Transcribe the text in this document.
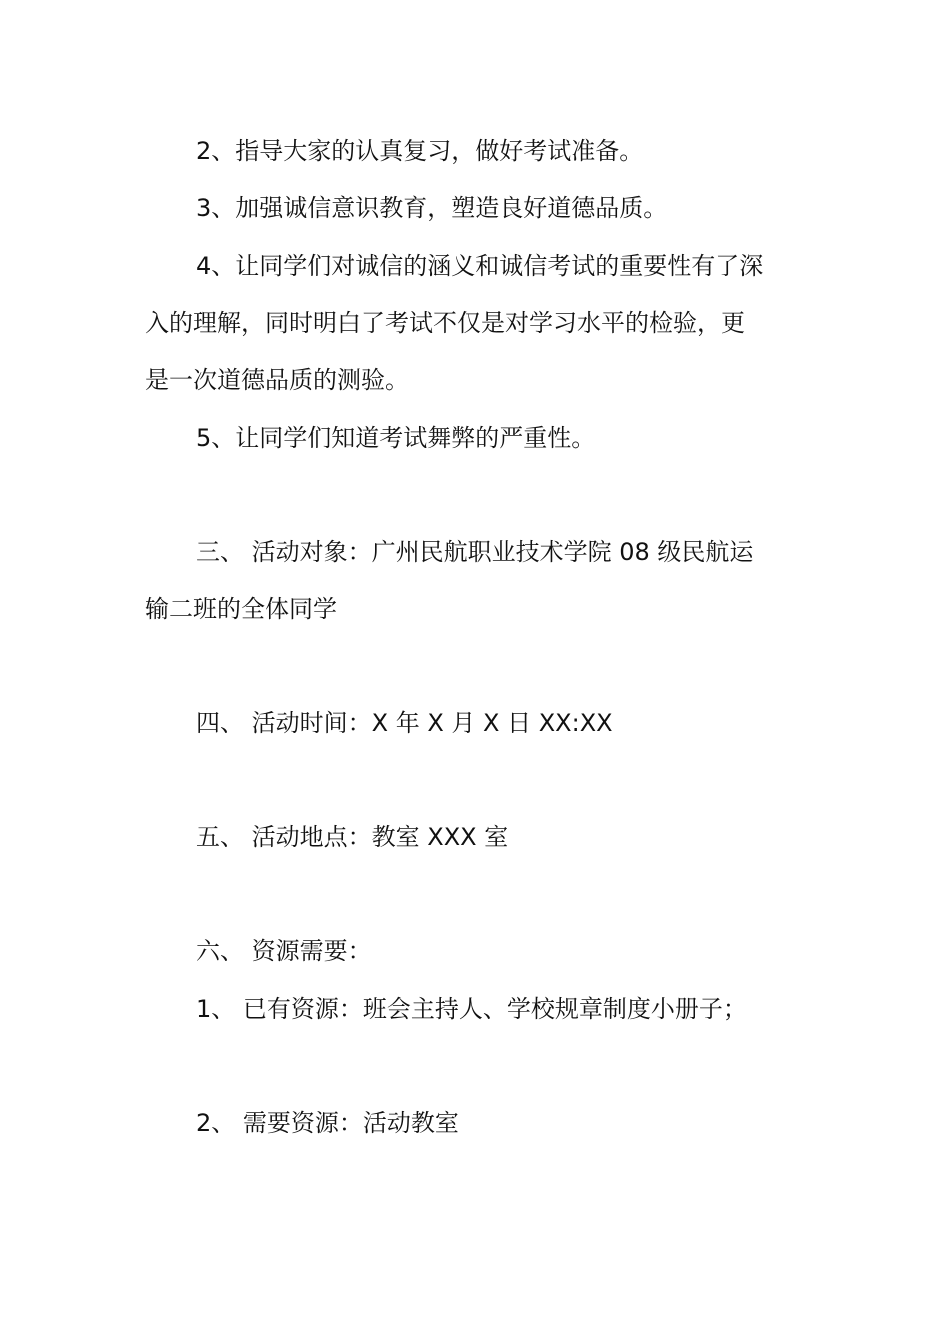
2、指导大家的认真复习，做好考试准备。
3、加强诚信意识教育，塑造良好道德品质。
4、让同学们对诚信的涵义和诚信考试的重要性有了深
入的理解，同时明白了考试不仅是对学习水平的检验，更
是一次道德品质的测验。
5、让同学们知道考试舞弊的严重性。
三、 活动对象：广州民航职业技术学院 08 级民航运
输二班的全体同学
四、 活动时间：X 年 X 月 X 日 XX:XX
五、 活动地点：教室 XXX 室
六、 资源需要：
1、 已有资源：班会主持人、学校规章制度小册子；
2、 需要资源：活动教室
